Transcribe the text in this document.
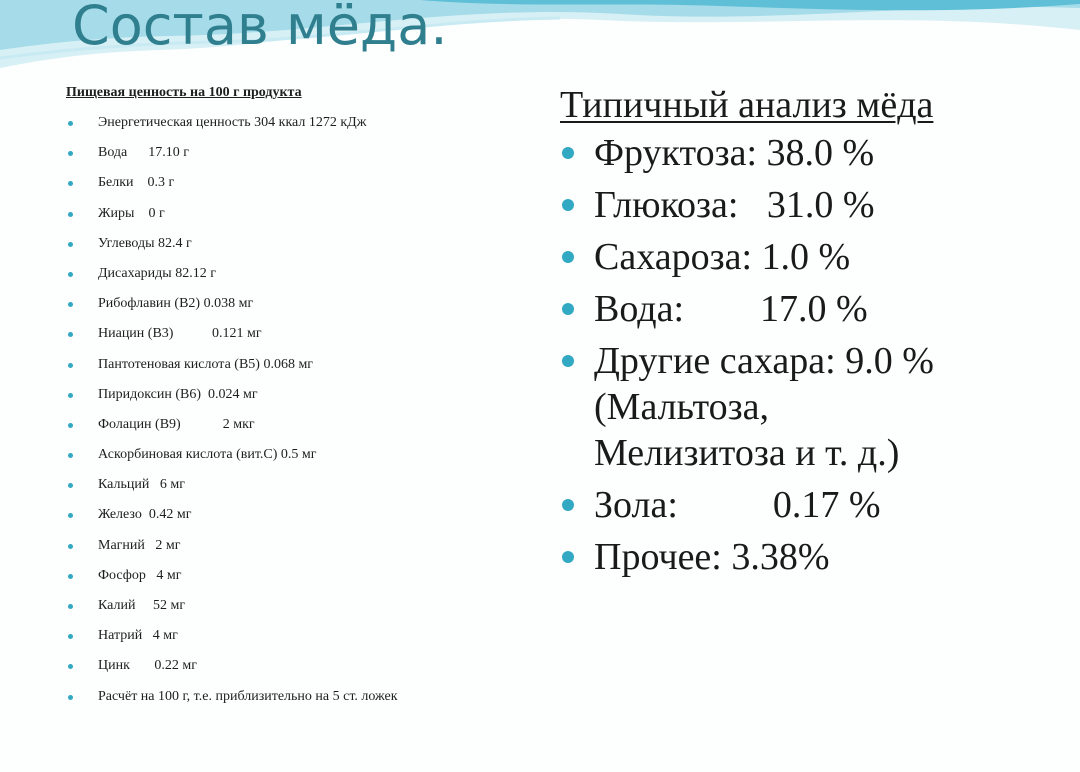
Состав мёда.

Пищевая ценность на 100 г продукта

Энергетическая ценность 304 ккал 1272 кДж
Вода      17.10 г
Белки    0.3 г
Жиры    0 г
Углеводы 82.4 г
Дисахариды 82.12 г
Рибофлавин (B2) 0.038 мг
Ниацин (B3)           0.121 мг
Пантотеновая кислота (B5) 0.068 мг
Пиридоксин (B6)  0.024 мг
Фолацин (B9)            2 мкг
Аскорбиновая кислота (вит.С) 0.5 мг
Кальций   6 мг
Железо  0.42 мг
Магний   2 мг
Фосфор   4 мг
Калий     52 мг
Натрий   4 мг
Цинк       0.22 мг
Расчёт на 100 г, т.е. приблизительно на 5 ст. ложек
Типичный анализ мёда
Фруктоза: 38.0 %
Глюкоза:   31.0 %
Сахароза: 1.0 %
Вода:        17.0 %
Другие сахара: 9.0 %
(Мальтоза,
Мелизитоза и т. д.)
Зола:          0.17 %
Прочее: 3.38%
